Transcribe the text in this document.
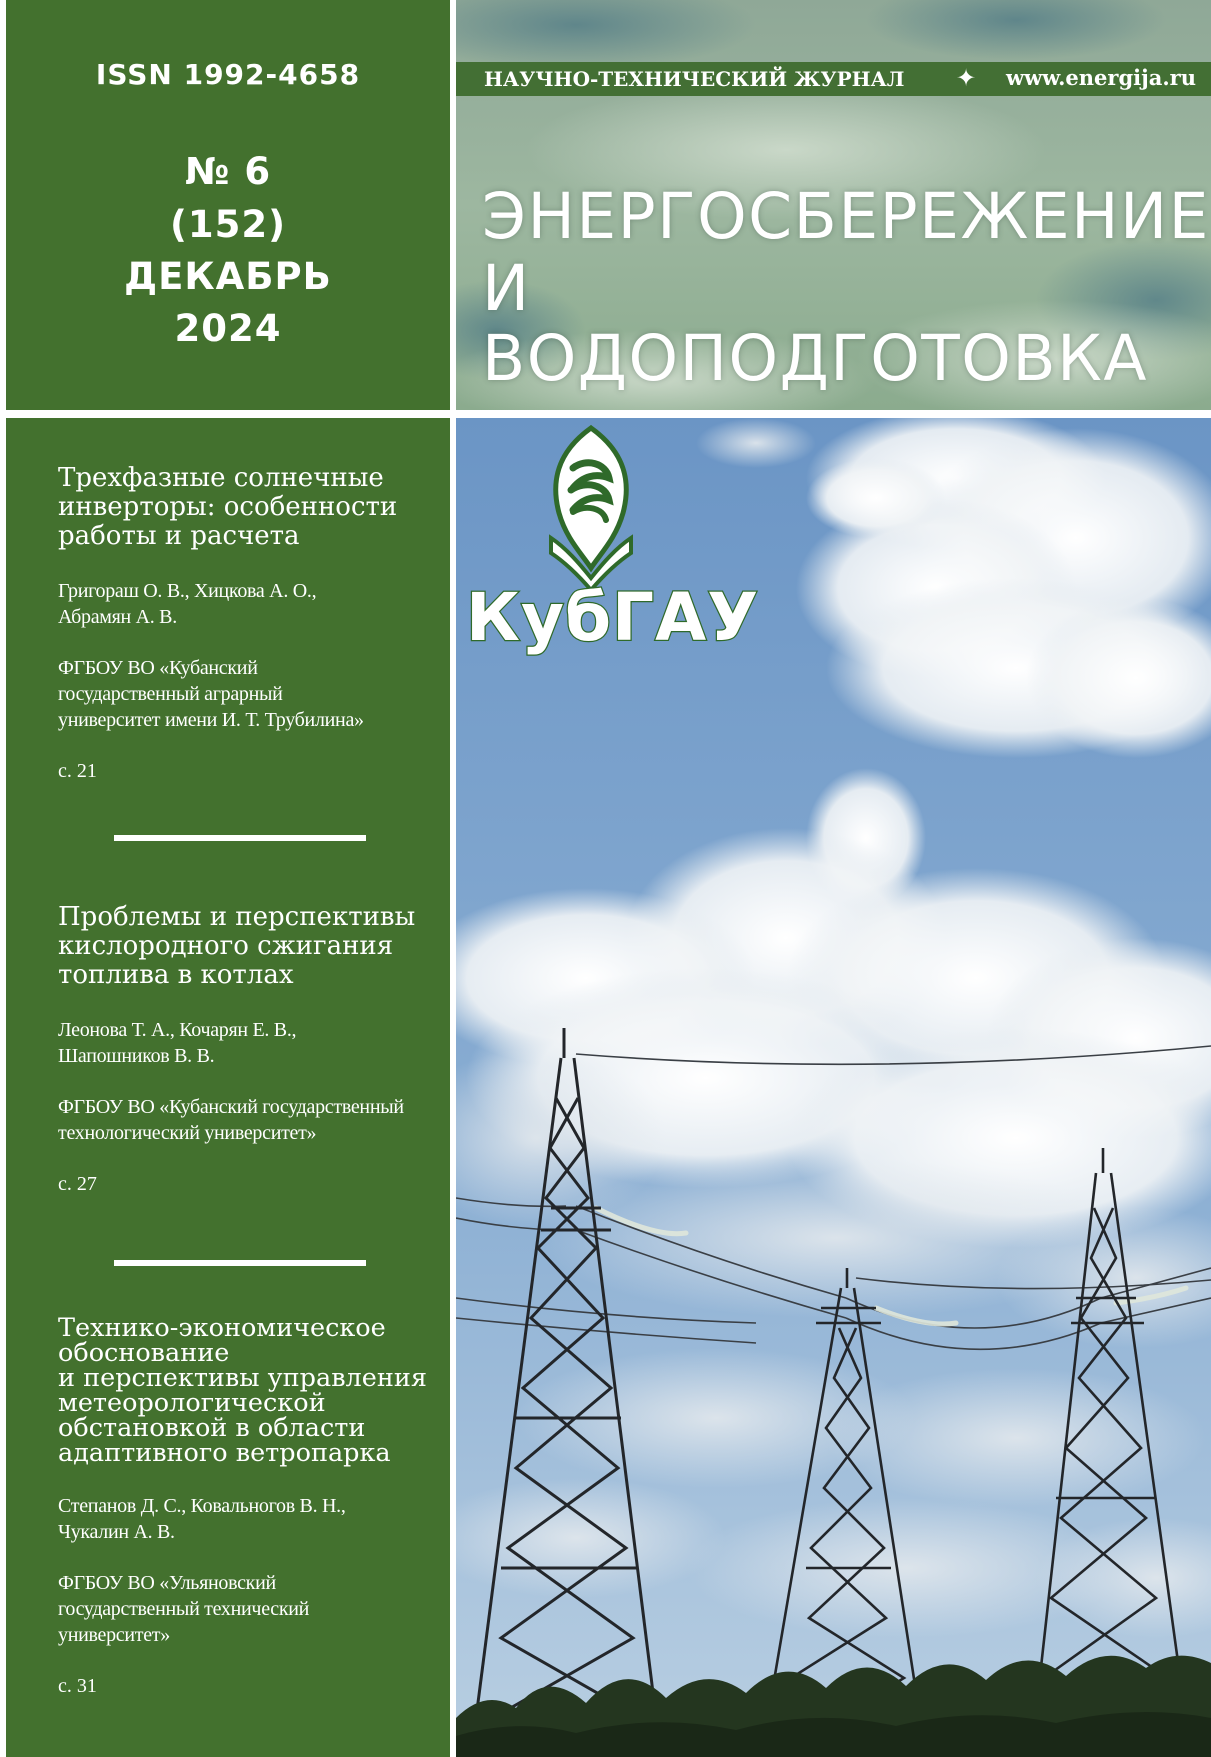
ISSN 1992-4658
№ 6
(152)
ДЕКАБРЬ
2024
Трехфазные солнечные
инверторы: особенности
работы и расчета
Григораш О. В., Хицкова А. О.,
Абрамян А. В.
ФГБОУ ВО «Кубанский
государственный аграрный
университет имени И. Т. Трубилина»
с. 21
Проблемы и перспективы
кислородного сжигания
топлива в котлах
Леонова Т. А., Кочарян Е. В.,
Шапошников В. В.
ФГБОУ ВО «Кубанский государственный
технологический университет»
с. 27
Технико-экономическое
обоснование
и перспективы управления
метеорологической
обстановкой в области
адаптивного ветропарка
Степанов Д. С., Ковальногов В. Н.,
Чукалин А. В.
ФГБОУ ВО «Ульяновский
государственный технический
университет»
с. 31
НАУЧНО-ТЕХНИЧЕСКИЙ ЖУРНАЛ ✦ www.energija.ru
ЭНЕРГОСБЕРЕЖЕНИЕ
И ВОДОПОДГОТОВКА
КубГАУ
